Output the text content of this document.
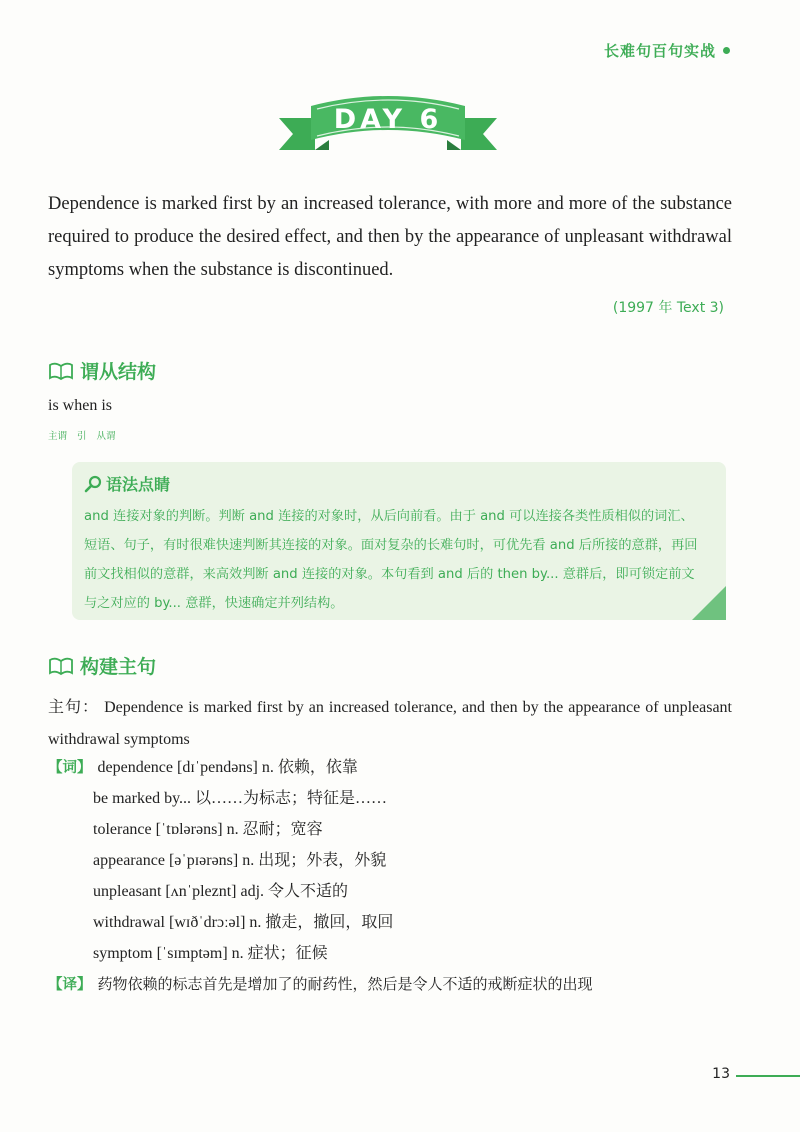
长难句百句实战
DAY 6

Dependence is marked first by an increased tolerance, with more and more of the substance required to produce the desired effect, and then by the appearance of unpleasant withdrawal symptoms when the substance is discontinued.

(1997 年 Text 3)
谓从结构
is when is
主谓 引 从谓
语法点睛

and 连接对象的判断。判断 and 连接的对象时，从后向前看。由于 and 可以连接各类性质相似的词汇、短语、句子，有时很难快速判断其连接的对象。面对复杂的长难句时，可优先看 and 后所接的意群，再回前文找相似的意群，来高效判断 and 连接的对象。本句看到 and 后的 then by... 意群后，即可锁定前文与之对应的 by... 意群，快速确定并列结构。

构建主句

主句： Dependence is marked first by an increased tolerance, and then by the appearance of unpleasant withdrawal symptoms

【词】 dependence [dɪˈpendəns] n. 依赖，依靠
be marked by... 以……为标志；特征是……
tolerance [ˈtɒlərəns] n. 忍耐；宽容
appearance [əˈpɪərəns] n. 出现；外表，外貌
unpleasant [ʌnˈpleznt] adj. 令人不适的
withdrawal [wɪðˈdrɔːəl] n. 撤走，撤回，取回
symptom [ˈsɪmptəm] n. 症状；征候
【译】 药物依赖的标志首先是增加了的耐药性，然后是令人不适的戒断症状的出现
13
